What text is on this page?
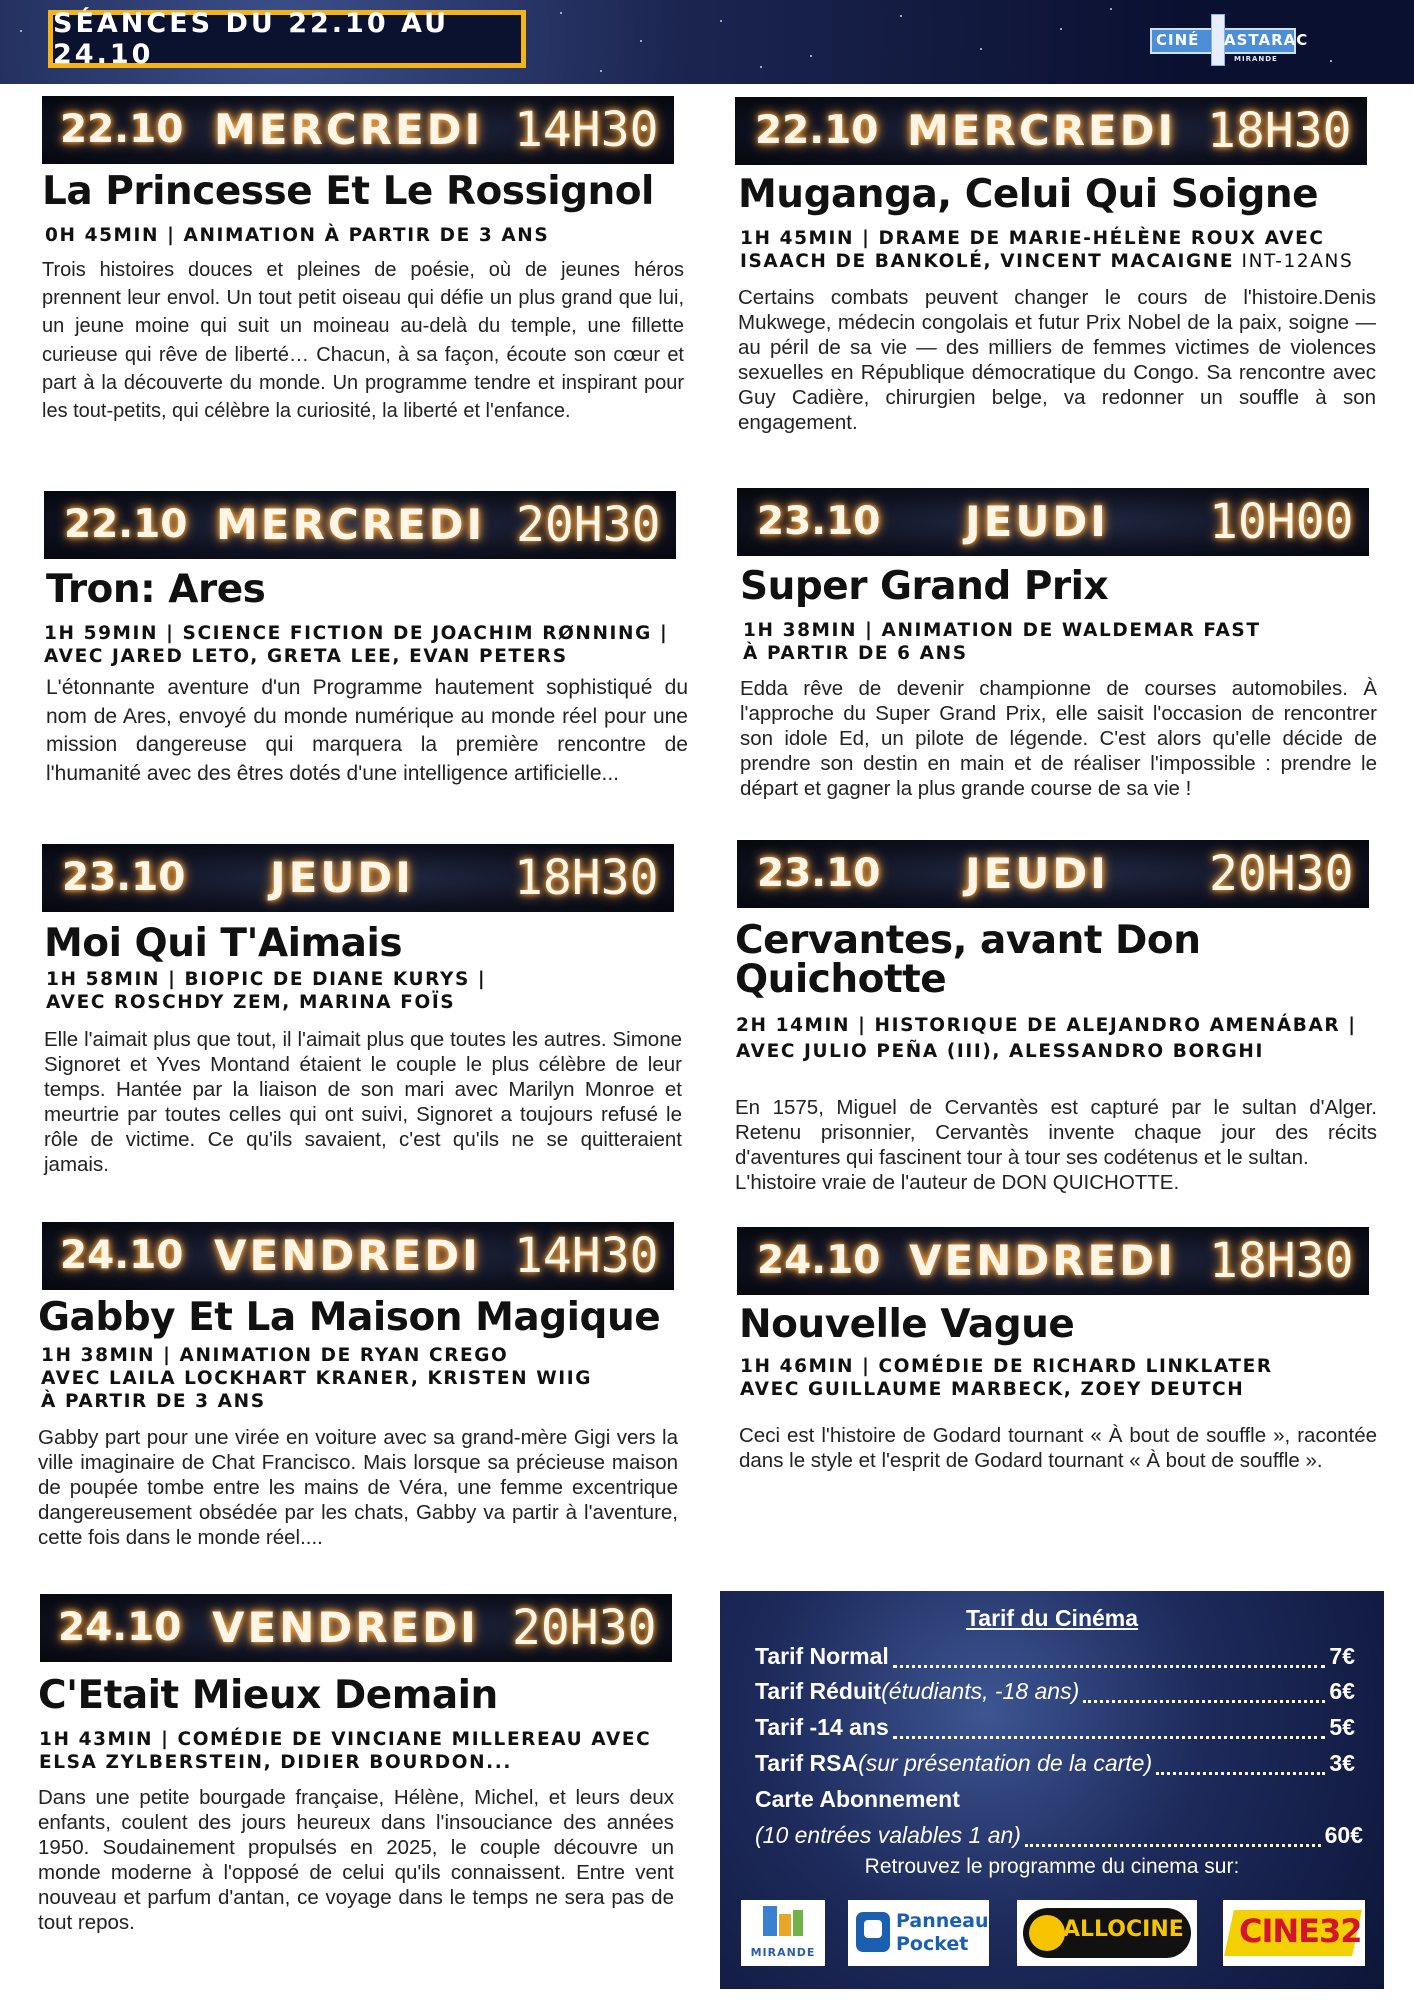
SÉANCES DU 22.10 AU 24.10	CINÉ ASTARAC
MIRANDE
22.10 MERCREDI 14H30
La Princesse Et Le Rossignol
0H 45MIN | ANIMATION À PARTIR DE 3 ANS

Trois histoires douces et pleines de poésie, où de jeunes héros prennent leur envol. Un tout petit oiseau qui défie un plus grand que lui, un jeune moine qui suit un moineau au-delà du temple, une fillette curieuse qui rêve de liberté… Chacun, à sa façon, écoute son cœur et part à la découverte du monde. Un programme tendre et inspirant pour les tout-petits, qui célèbre la curiosité, la liberté et l'enfance.

22.10 MERCREDI 18H30
Muganga, Celui Qui Soigne
1H 45MIN | DRAME DE MARIE-HÉLÈNE ROUX AVEC
ISAACH DE BANKOLÉ, VINCENT MACAIGNE INT-12ANS

Certains combats peuvent changer le cours de l'histoire.Denis Mukwege, médecin congolais et futur Prix Nobel de la paix, soigne — au péril de sa vie — des milliers de femmes victimes de violences sexuelles en République démocratique du Congo. Sa rencontre avec Guy Cadière, chirurgien belge, va redonner un souffle à son engagement.

22.10 MERCREDI 20H30
Tron: Ares
1H 59MIN | SCIENCE FICTION DE JOACHIM RØNNING |
AVEC JARED LETO, GRETA LEE, EVAN PETERS

L'étonnante aventure d'un Programme hautement sophistiqué du nom de Ares, envoyé du monde numérique au monde réel pour une mission dangereuse qui marquera la première rencontre de l'humanité avec des êtres dotés d'une intelligence artificielle...

23.10 JEUDI 10H00
Super Grand Prix
1H 38MIN | ANIMATION DE WALDEMAR FAST
À PARTIR DE 6 ANS

Edda rêve de devenir championne de courses automobiles. À l'approche du Super Grand Prix, elle saisit l'occasion de rencontrer son idole Ed, un pilote de légende. C'est alors qu'elle décide de prendre son destin en main et de réaliser l'impossible : prendre le départ et gagner la plus grande course de sa vie !

23.10 JEUDI 18H30
Moi Qui T'Aimais
1H 58MIN | BIOPIC DE DIANE KURYS |
AVEC ROSCHDY ZEM, MARINA FOÏS

Elle l'aimait plus que tout, il l'aimait plus que toutes les autres. Simone Signoret et Yves Montand étaient le couple le plus célèbre de leur temps. Hantée par la liaison de son mari avec Marilyn Monroe et meurtrie par toutes celles qui ont suivi, Signoret a toujours refusé le rôle de victime. Ce qu'ils savaient, c'est qu'ils ne se quitteraient jamais.

23.10 JEUDI 20H30
Cervantes, avant Don Quichotte
2H 14MIN | HISTORIQUE DE ALEJANDRO AMENÁBAR |
AVEC JULIO PEÑA (III), ALESSANDRO BORGHI

En 1575, Miguel de Cervantès est capturé par le sultan d'Alger. Retenu prisonnier, Cervantès invente chaque jour des récits d'aventures qui fascinent tour à tour ses codétenus et le sultan.
L'histoire vraie de l'auteur de DON QUICHOTTE.

24.10 VENDREDI 14H30
Gabby Et La Maison Magique
1H 38MIN | ANIMATION DE RYAN CREGO
AVEC LAILA LOCKHART KRANER, KRISTEN WIIG
À PARTIR DE 3 ANS

Gabby part pour une virée en voiture avec sa grand-mère Gigi vers la ville imaginaire de Chat Francisco. Mais lorsque sa précieuse maison de poupée tombe entre les mains de Véra, une femme excentrique dangereusement obsédée par les chats, Gabby va partir à l'aventure, cette fois dans le monde réel....

24.10 VENDREDI 18H30
Nouvelle Vague
1H 46MIN | COMÉDIE DE RICHARD LINKLATER
AVEC GUILLAUME MARBECK, ZOEY DEUTCH

Ceci est l'histoire de Godard tournant « À bout de souffle », racontée dans le style et l'esprit de Godard tournant « À bout de souffle ».

24.10 VENDREDI 20H30
C'Etait Mieux Demain
1H 43MIN | COMÉDIE DE VINCIANE MILLEREAU AVEC
ELSA ZYLBERSTEIN, DIDIER BOURDON...

Dans une petite bourgade française, Hélène, Michel, et leurs deux enfants, coulent des jours heureux dans l'insouciance des années 1950. Soudainement propulsés en 2025, le couple découvre un monde moderne à l'opposé de celui qu'ils connaissent. Entre vent nouveau et parfum d'antan, ce voyage dans le temps ne sera pas de tout repos.

Tarif du Cinéma
Tarif Normal	7€
Tarif Réduit (étudiants, -18 ans)	6€
Tarif -14 ans	5€
Tarif RSA (sur présentation de la carte)	3€
Carte Abonnement
(10 entrées valables 1 an)	60€
Retrouvez le programme du cinema sur:
MIRANDE
Panneau
Pocket
ALLOCINE CINE32
